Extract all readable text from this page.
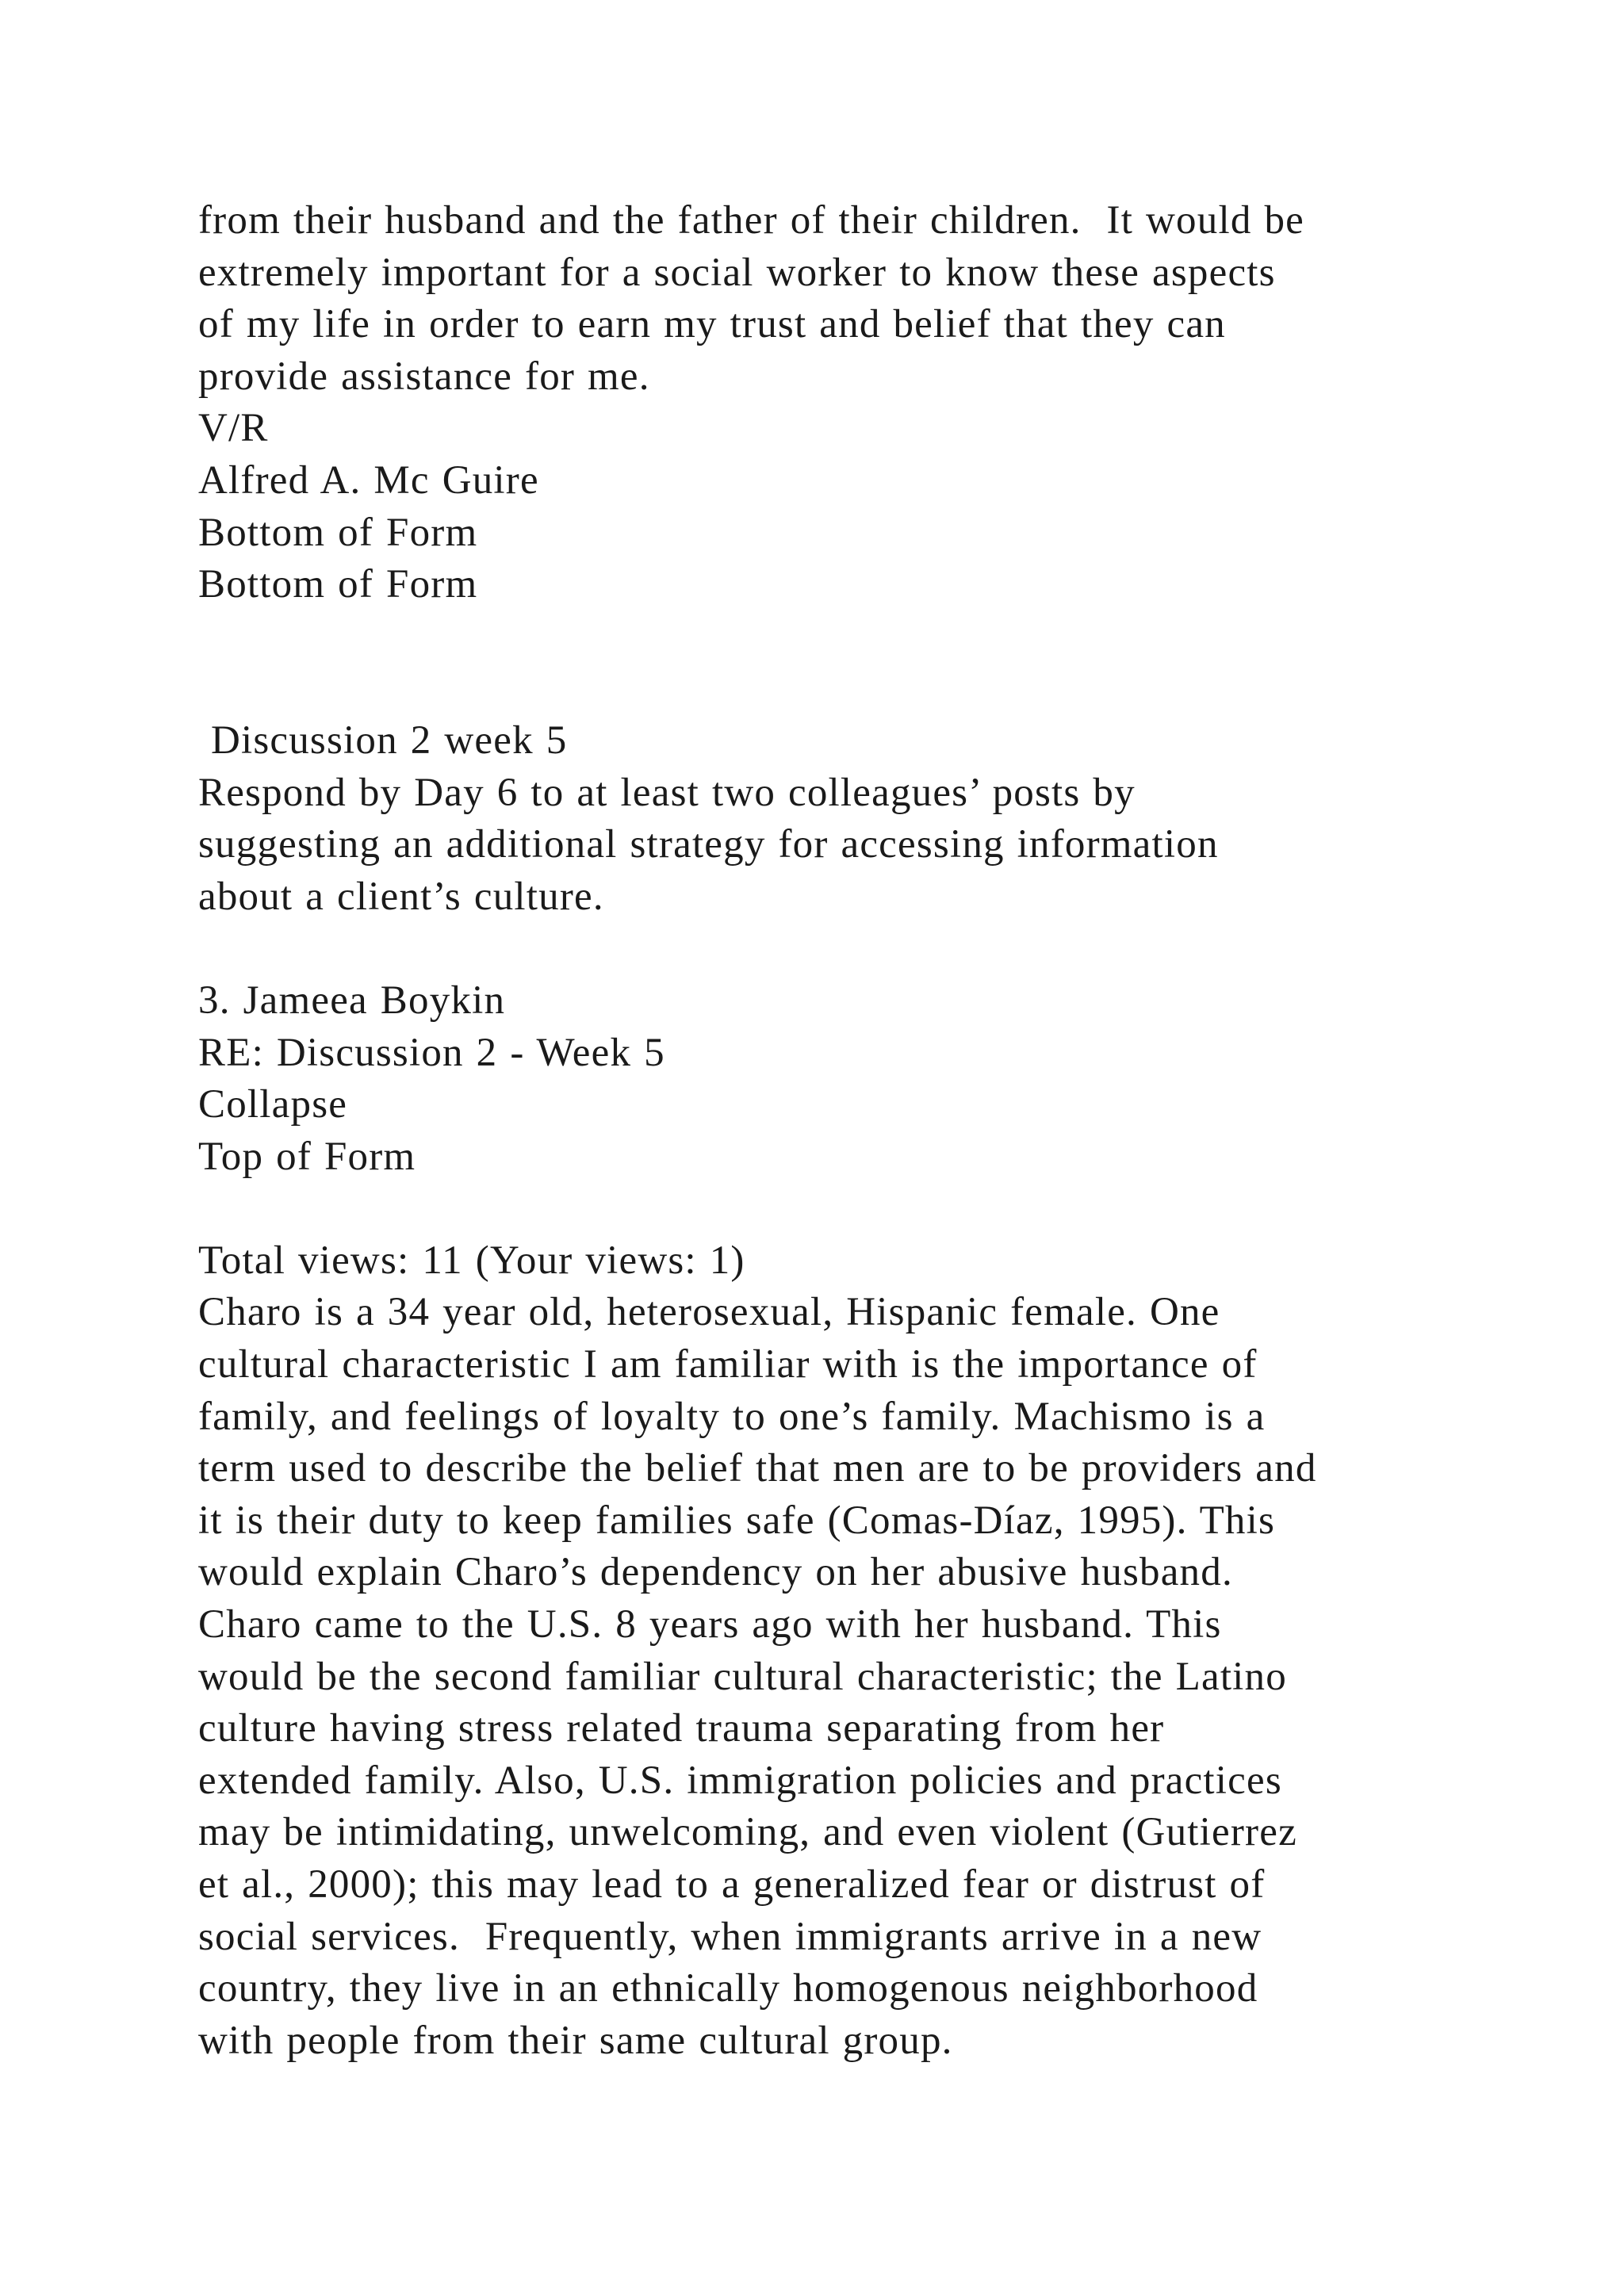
from their husband and the father of their children.  It would be
extremely important for a social worker to know these aspects
of my life in order to earn my trust and belief that they can
provide assistance for me.
V/R
Alfred A. Mc Guire
Bottom of Form
Bottom of Form
Discussion 2 week 5
Respond by Day 6 to at least two colleagues’ posts by
suggesting an additional strategy for accessing information
about a client’s culture.
3. Jameea Boykin
RE: Discussion 2 - Week 5
Collapse
Top of Form
Total views: 11 (Your views: 1)
Charo is a 34 year old, heterosexual, Hispanic female. One
cultural characteristic I am familiar with is the importance of
family, and feelings of loyalty to one’s family. Machismo is a
term used to describe the belief that men are to be providers and
it is their duty to keep families safe (Comas-Díaz, 1995). This
would explain Charo’s dependency on her abusive husband.
Charo came to the U.S. 8 years ago with her husband. This
would be the second familiar cultural characteristic; the Latino
culture having stress related trauma separating from her
extended family. Also, U.S. immigration policies and practices
may be intimidating, unwelcoming, and even violent (Gutierrez
et al., 2000); this may lead to a generalized fear or distrust of
social services.  Frequently, when immigrants arrive in a new
country, they live in an ethnically homogenous neighborhood
with people from their same cultural group.
